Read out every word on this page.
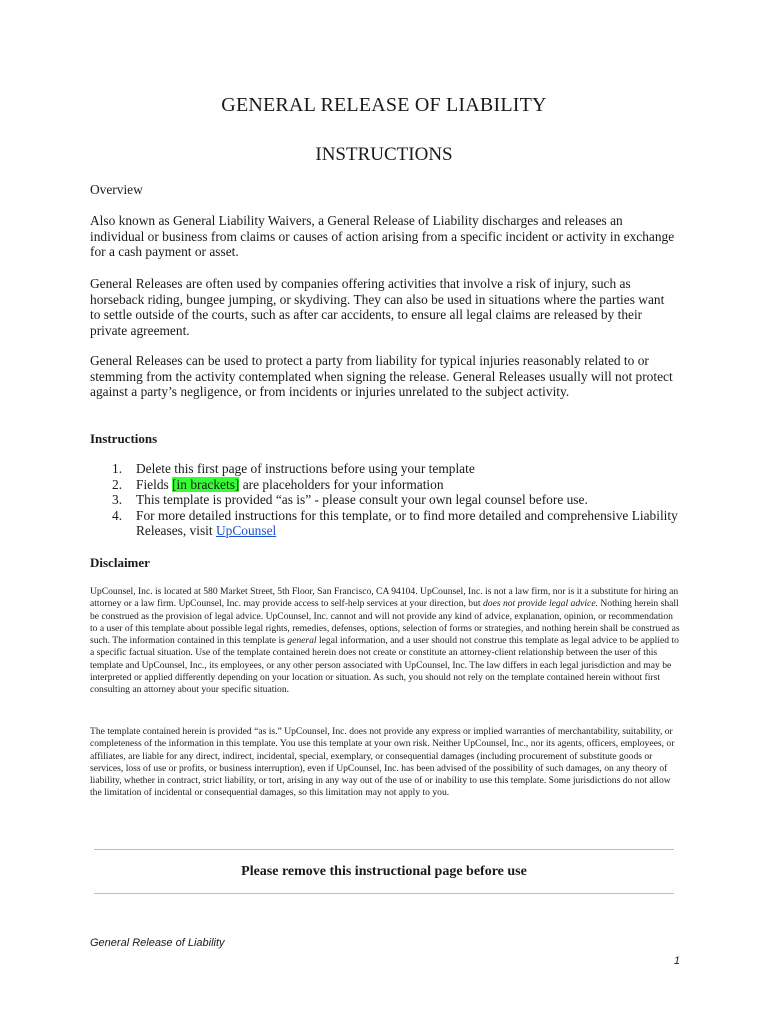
GENERAL RELEASE OF LIABILITY
INSTRUCTIONS
Overview
Also known as General Liability Waivers, a General Release of Liability discharges and releases an individual or business from claims or causes of action arising from a specific incident or activity in exchange for a cash payment or asset.
General Releases are often used by companies offering activities that involve a risk of injury, such as horseback riding, bungee jumping, or skydiving. They can also be used in situations where the parties want to settle outside of the courts, such as after car accidents, to ensure all legal claims are released by their private agreement.
General Releases can be used to protect a party from liability for typical injuries reasonably related to or stemming from the activity contemplated when signing the release. General Releases usually will not protect against a party’s negligence, or from incidents or injuries unrelated to the subject activity.
Instructions
1. Delete this first page of instructions before using your template
2. Fields [in brackets] are placeholders for your information
3. This template is provided “as is” - please consult your own legal counsel before use.
4. For more detailed instructions for this template, or to find more detailed and comprehensive Liability Releases, visit UpCounsel
Disclaimer
UpCounsel, Inc. is located at 580 Market Street, 5th Floor, San Francisco, CA 94104. UpCounsel, Inc. is not a law firm, nor is it a substitute for hiring an attorney or a law firm. UpCounsel, Inc. may provide access to self-help services at your direction, but does not provide legal advice. Nothing herein shall be construed as the provision of legal advice. UpCounsel, Inc. cannot and will not provide any kind of advice, explanation, opinion, or recommendation to a user of this template about possible legal rights, remedies, defenses, options, selection of forms or strategies, and nothing herein shall be construed as such. The information contained in this template is general legal information, and a user should not construe this template as legal advice to be applied to a specific factual situation. Use of the template contained herein does not create or constitute an attorney-client relationship between the user of this template and UpCounsel, Inc., its employees, or any other person associated with UpCounsel, Inc. The law differs in each legal jurisdiction and may be interpreted or applied differently depending on your location or situation. As such, you should not rely on the template contained herein without first consulting an attorney about your specific situation.
The template contained herein is provided “as is.” UpCounsel, Inc. does not provide any express or implied warranties of merchantability, suitability, or completeness of the information in this template. You use this template at your own risk. Neither UpCounsel, Inc., nor its agents, officers, employees, or affiliates, are liable for any direct, indirect, incidental, special, exemplary, or consequential damages (including procurement of substitute goods or services, loss of use or profits, or business interruption), even if UpCounsel, Inc. has been advised of the possibility of such damages, on any theory of liability, whether in contract, strict liability, or tort, arising in any way out of the use of or inability to use this template. Some jurisdictions do not allow the limitation of incidental or consequential damages, so this limitation may not apply to you.
Please remove this instructional page before use
General Release of Liability
1
